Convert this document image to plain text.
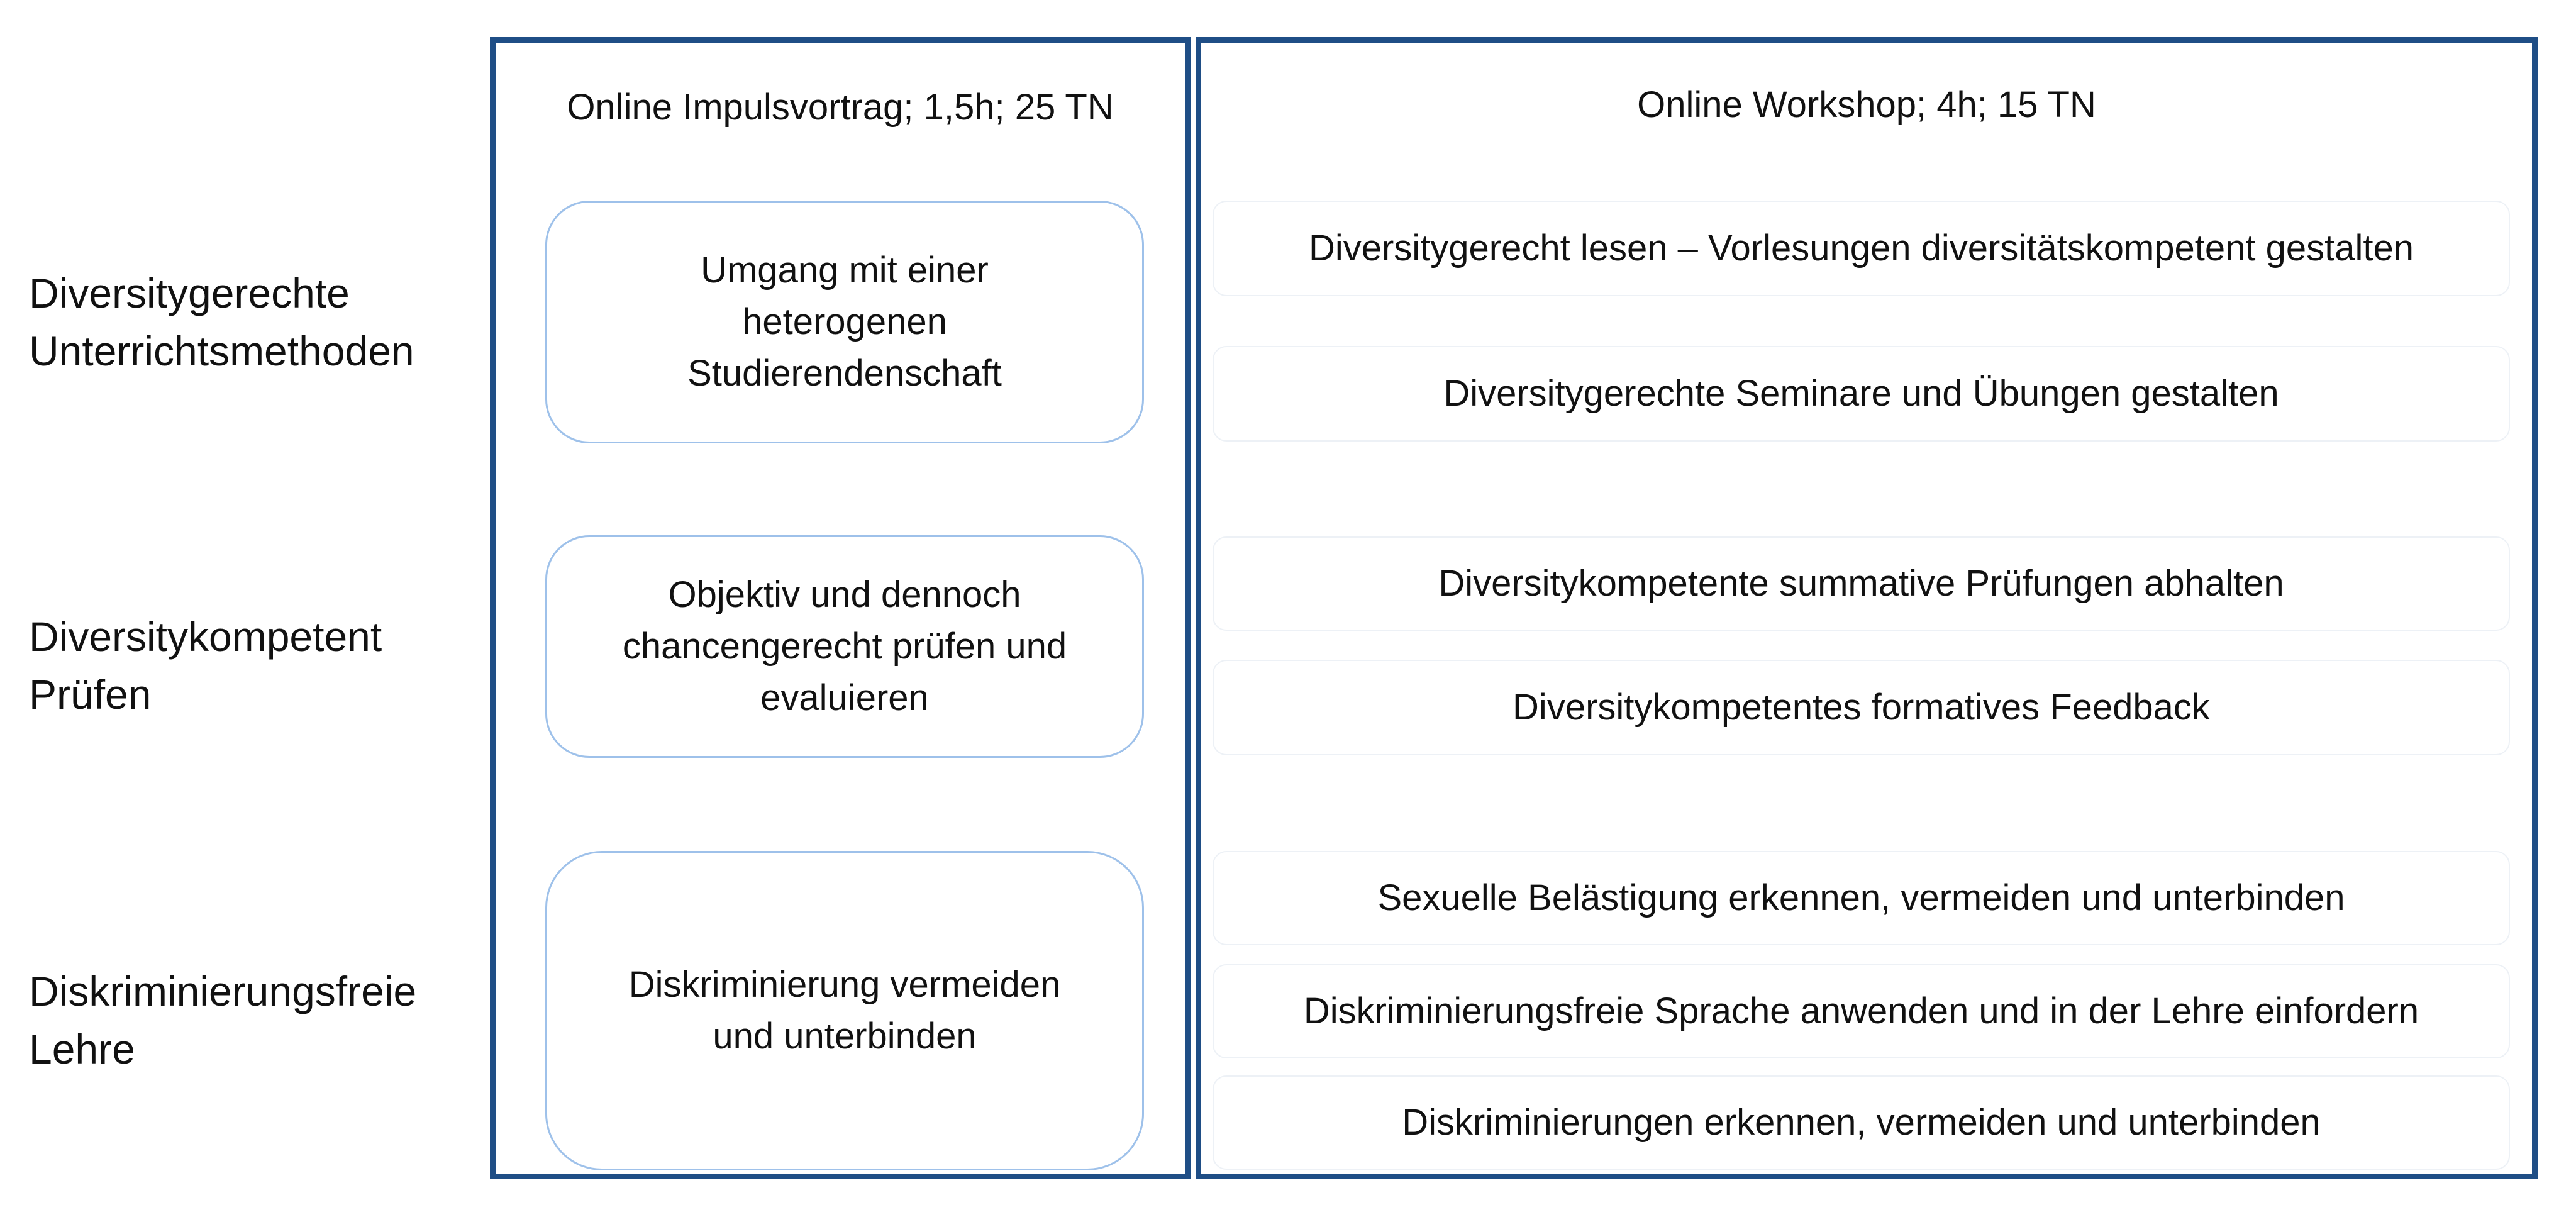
Diversitygerechte
Unterrichtsmethoden
Diversitykompetent
Prüfen
Diskriminierungsfreie
Lehre
Online Impulsvortrag; 1,5h; 25 TN	Online Workshop; 4h; 15 TN
Umgang mit einer
heterogenen
Studierendenschaft
Objektiv und dennoch
chancengerecht prüfen und
evaluieren
Diskriminierung vermeiden
und unterbinden
Diversitygerecht lesen – Vorlesungen diversitätskompetent gestalten
Diversitygerechte Seminare und Übungen gestalten
Diversitykompetente summative Prüfungen abhalten
Diversitykompetentes formatives Feedback
Sexuelle Belästigung erkennen, vermeiden und unterbinden
Diskriminierungsfreie Sprache anwenden und in der Lehre einfordern
Diskriminierungen erkennen, vermeiden und unterbinden
